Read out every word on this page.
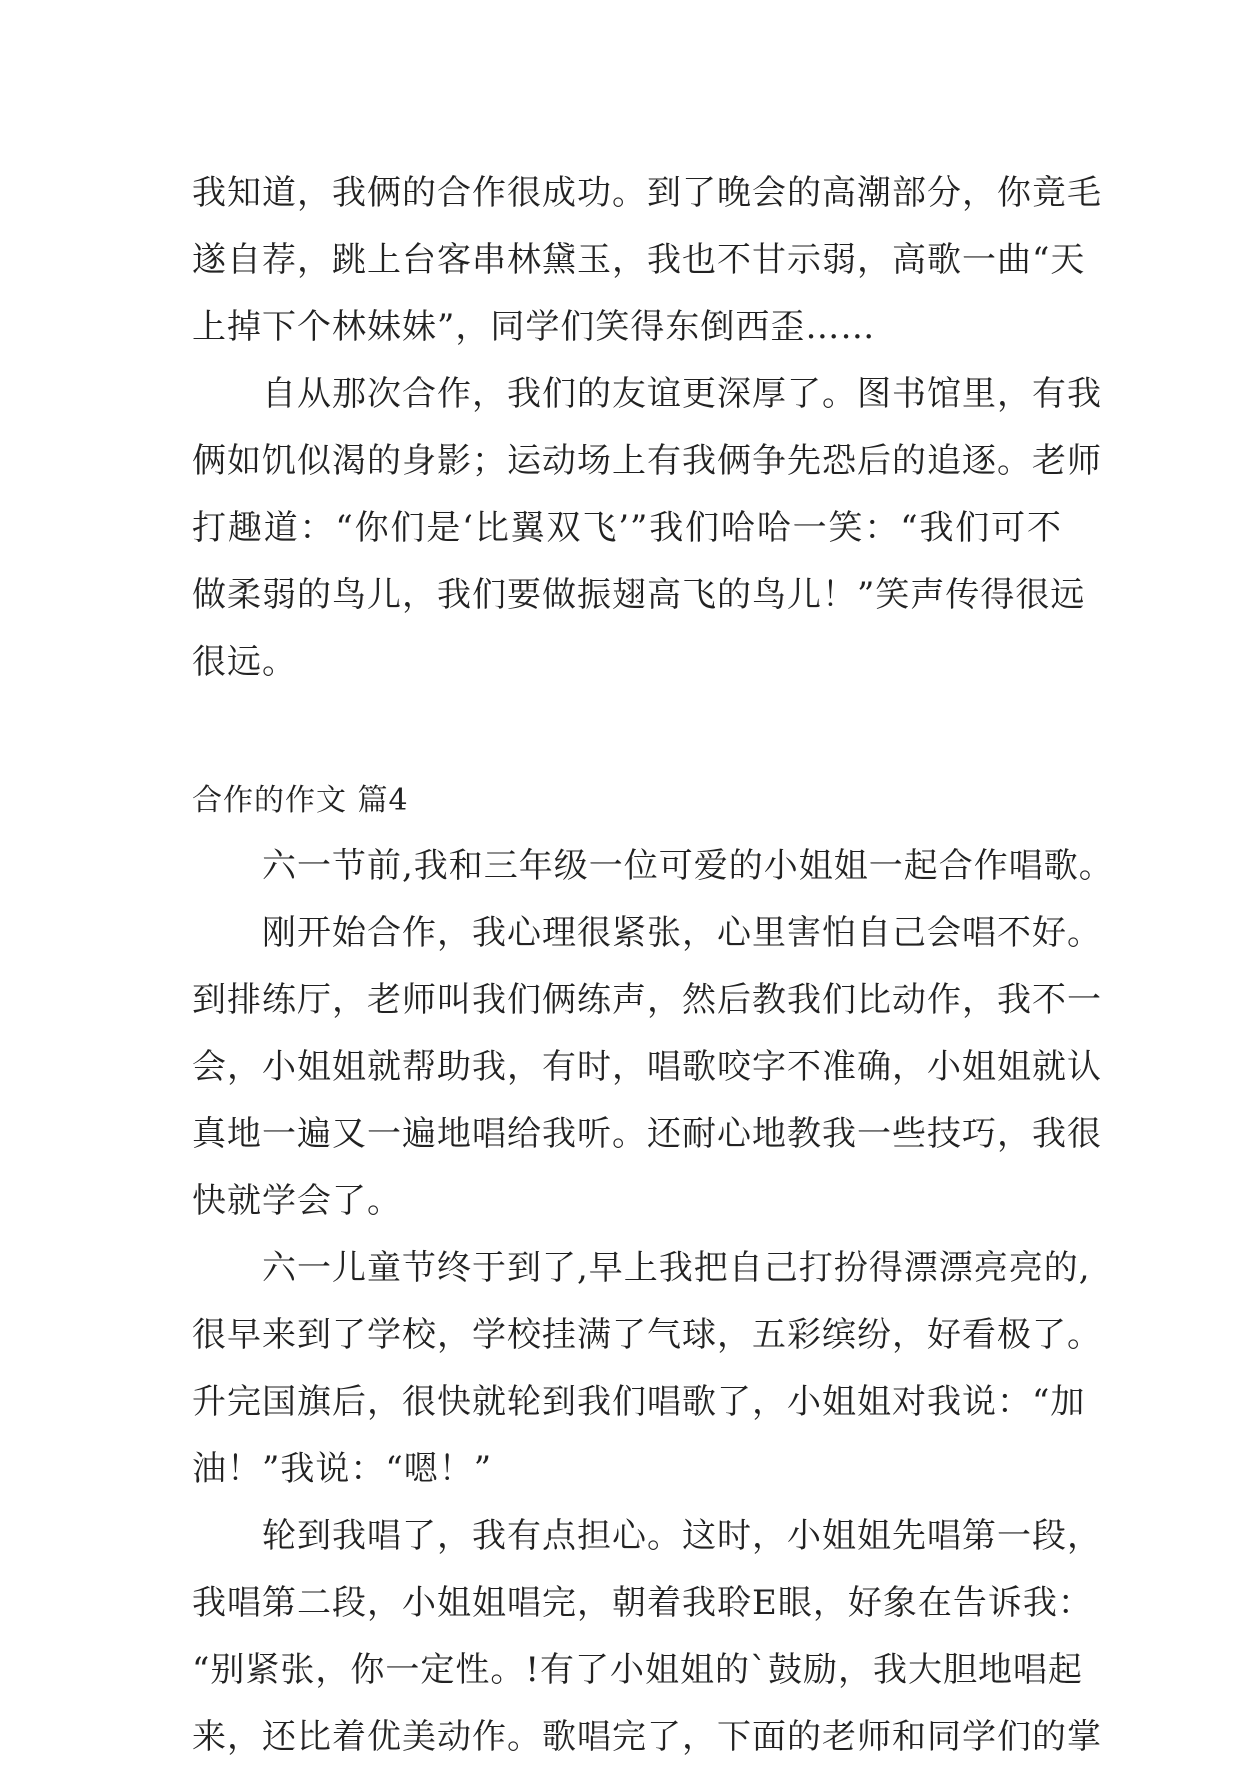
我知道，我俩的合作很成功。到了晚会的高潮部分，你竟毛
遂自荐，跳上台客串林黛玉，我也不甘示弱，高歌一曲“天
上掉下个林妹妹”，同学们笑得东倒西歪……
自从那次合作，我们的友谊更深厚了。图书馆里，有我
俩如饥似渴的身影；运动场上有我俩争先恐后的追逐。老师
打趣道：“你们是‘比翼双飞’”我们哈哈一笑：“我们可不
做柔弱的鸟儿，我们要做振翅高飞的鸟儿！”笑声传得很远
很远。
合作的作文 篇4
六一节前,我和三年级一位可爱的小姐姐一起合作唱歌。
刚开始合作，我心理很紧张，心里害怕自己会唱不好。
到排练厅，老师叫我们俩练声，然后教我们比动作，我不一
会，小姐姐就帮助我，有时，唱歌咬字不准确，小姐姐就认
真地一遍又一遍地唱给我听。还耐心地教我一些技巧，我很
快就学会了。
六一儿童节终于到了,早上我把自己打扮得漂漂亮亮的,
很早来到了学校，学校挂满了气球，五彩缤纷，好看极了。
升完国旗后，很快就轮到我们唱歌了，小姐姐对我说：“加
油！”我说：“嗯！”
轮到我唱了，我有点担心。这时，小姐姐先唱第一段，
我唱第二段，小姐姐唱完，朝着我聆E眼，好象在告诉我：
“别紧张，你一定性。!有了小姐姐的`鼓励，我大胆地唱起
来，还比着优美动作。歌唱完了，下面的老师和同学们的掌
